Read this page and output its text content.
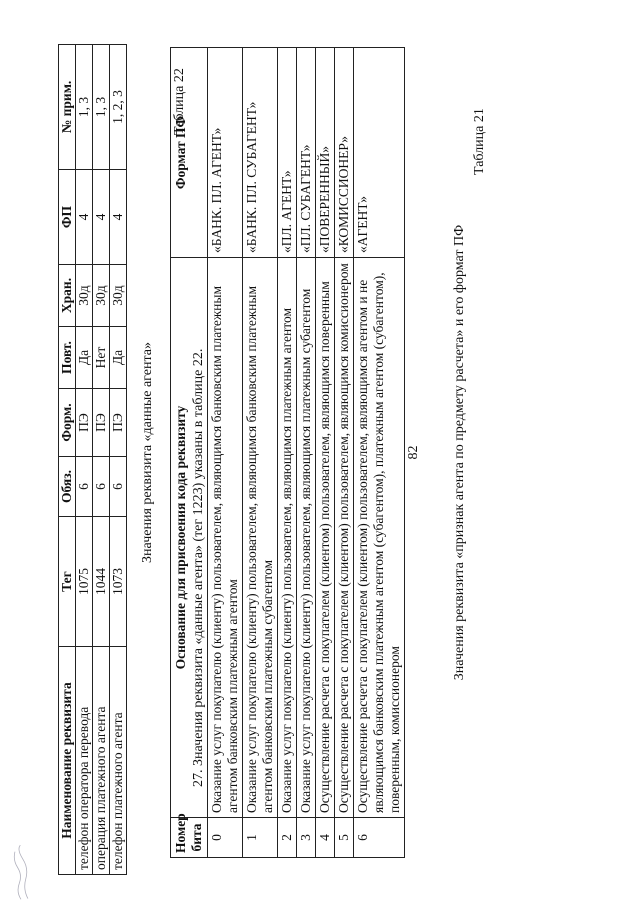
82
Таблица 21
Значения реквизита «признак агента по предмету расчета» и его формат ПФ
Номер бита	Основание для присвоения кода реквизиту	Формат ПФ
0	Оказание услуг покупателю (клиенту) пользователем, являющимся банковским платежным агентом банковским платежным агентом	«БАНК. ПЛ. АГЕНТ»
1	Оказание услуг покупателю (клиенту) пользователем, являющимся банковским платежным агентом банковским платежным субагентом	«БАНК. ПЛ. СУБАГЕНТ»
2	Оказание услуг покупателю (клиенту) пользователем, являющимся платежным агентом	«ПЛ. АГЕНТ»
3	Оказание услуг покупателю (клиенту) пользователем, являющимся платежным субагентом	«ПЛ. СУБАГЕНТ»
4	Осуществление расчета с покупателем (клиентом) пользователем, являющимся поверенным	«ПОВЕРЕННЫЙ»
5	Осуществление расчета с покупателем (клиентом) пользователем, являющимся комиссионером	«КОМИССИОНЕР»
6	Осуществление расчета с покупателем (клиентом) пользователем, являющимся агентом и не являющимся банковским платежным агентом (субагентом), платежным агентом (субагентом), поверенным, комиссионером	«АГЕНТ»
Таблица 22
27. Значения реквизита «данные агента» (тег 1223) указаны в таблице 22.
Значения реквизита «данные агента»
Наименование реквизита	Тег	Обяз.	Форм.	Повт.	Хран.	ФП	№ прим.
телефон оператора перевода	1075	6	ПЭ	Да	30д	4	1, 3
операция платежного агента	1044	6	ПЭ	Нет	30д	4	1, 3
телефон платежного агента	1073	6	ПЭ	Да	30д	4	1, 2, 3
